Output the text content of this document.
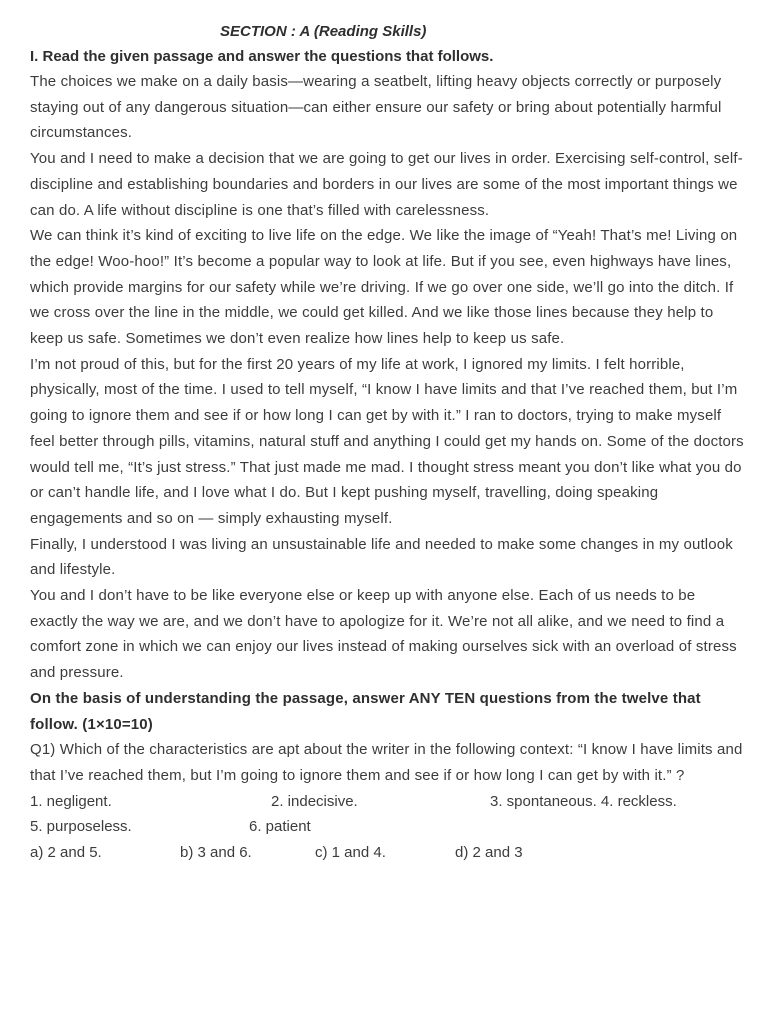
SECTION : A (Reading Skills)

I. Read the given passage and answer the questions that follows.

The choices we make on a daily basis—wearing a seatbelt, lifting heavy objects correctly or purposely staying out of any dangerous situation—can either ensure our safety or bring about potentially harmful circumstances.

You and I need to make a decision that we are going to get our lives in order. Exercising self-control, self-discipline and establishing boundaries and borders in our lives are some of the most important things we can do. A life without discipline is one that’s filled with carelessness.

We can think it’s kind of exciting to live life on the edge. We like the image of “Yeah! That’s me! Living on the edge! Woo-hoo!” It’s become a popular way to look at life. But if you see, even highways have lines, which provide margins for our safety while we’re driving. If we go over one side, we’ll go into the ditch. If we cross over the line in the middle, we could get killed. And we like those lines because they help to keep us safe. Sometimes we don’t even realize how lines help to keep us safe.

I’m not proud of this, but for the first 20 years of my life at work, I ignored my limits. I felt horrible, physically, most of the time. I used to tell myself, “I know I have limits and that I’ve reached them, but I’m going to ignore them and see if or how long I can get by with it.” I ran to doctors, trying to make myself feel better through pills, vitamins, natural stuff and anything I could get my hands on. Some of the doctors would tell me, “It’s just stress.” That just made me mad. I thought stress meant you don’t like what you do or can’t handle life, and I love what I do. But I kept pushing myself, travelling, doing speaking engagements and so on — simply exhausting myself.

Finally, I understood I was living an unsustainable life and needed to make some changes in my outlook and lifestyle.

You and I don’t have to be like everyone else or keep up with anyone else. Each of us needs to be exactly the way we are, and we don’t have to apologize for it. We’re not all alike, and we need to find a comfort zone in which we can enjoy our lives instead of making ourselves sick with an overload of stress and pressure.

On the basis of understanding the passage, answer ANY TEN questions from the twelve that follow. (1×10=10)

Q1) Which of the characteristics are apt about the writer in the following context: “I know I have limits and that I’ve reached them, but I’m going to ignore them and see if or how long I can get by with it.” ?

1. negligent.	2. indecisive.	3. spontaneous. 4. reckless.
5. purposeless.	6. patient
a) 2 and 5.	b) 3 and 6.	c) 1 and 4.	d) 2 and 3
